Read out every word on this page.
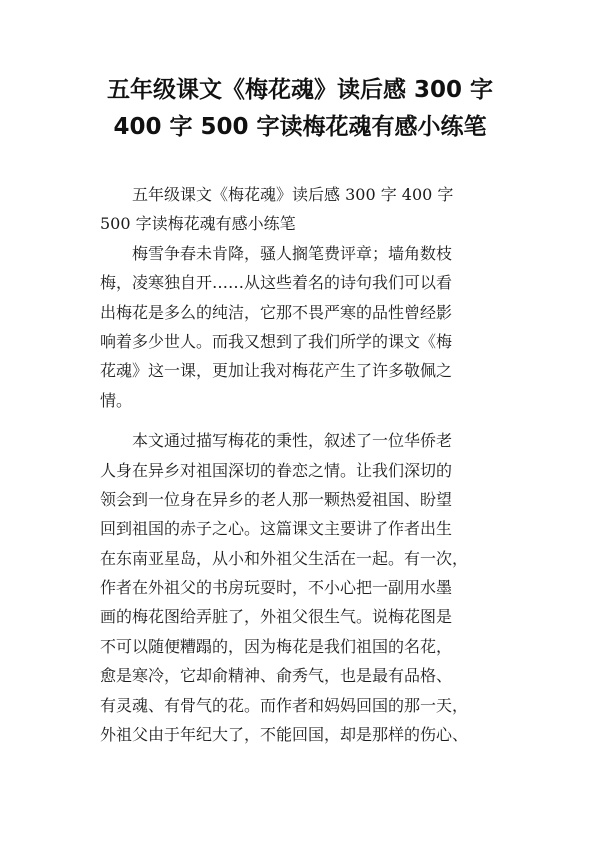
五年级课文《梅花魂》读后感 300 字
400 字 500 字读梅花魂有感小练笔
　　五年级课文《梅花魂》读后感 300 字 400 字
500 字读梅花魂有感小练笔
　　梅雪争春未肯降，骚人搁笔费评章；墙角数枝
梅，凌寒独自开……从这些着名的诗句我们可以看
出梅花是多么的纯洁，它那不畏严寒的品性曾经影
响着多少世人。而我又想到了我们所学的课文《梅
花魂》这一课，更加让我对梅花产生了许多敬佩之
情。
　　本文通过描写梅花的秉性，叙述了一位华侨老
人身在异乡对祖国深切的眷恋之情。让我们深切的
领会到一位身在异乡的老人那一颗热爱祖国、盼望
回到祖国的赤子之心。这篇课文主要讲了作者出生
在东南亚星岛，从小和外祖父生活在一起。有一次，
作者在外祖父的书房玩耍时，不小心把一副用水墨
画的梅花图给弄脏了，外祖父很生气。说梅花图是
不可以随便糟蹋的，因为梅花是我们祖国的名花，
愈是寒冷，它却俞精神、俞秀气，也是最有品格、
有灵魂、有骨气的花。而作者和妈妈回国的那一天，
外祖父由于年纪大了，不能回国，却是那样的伤心、
